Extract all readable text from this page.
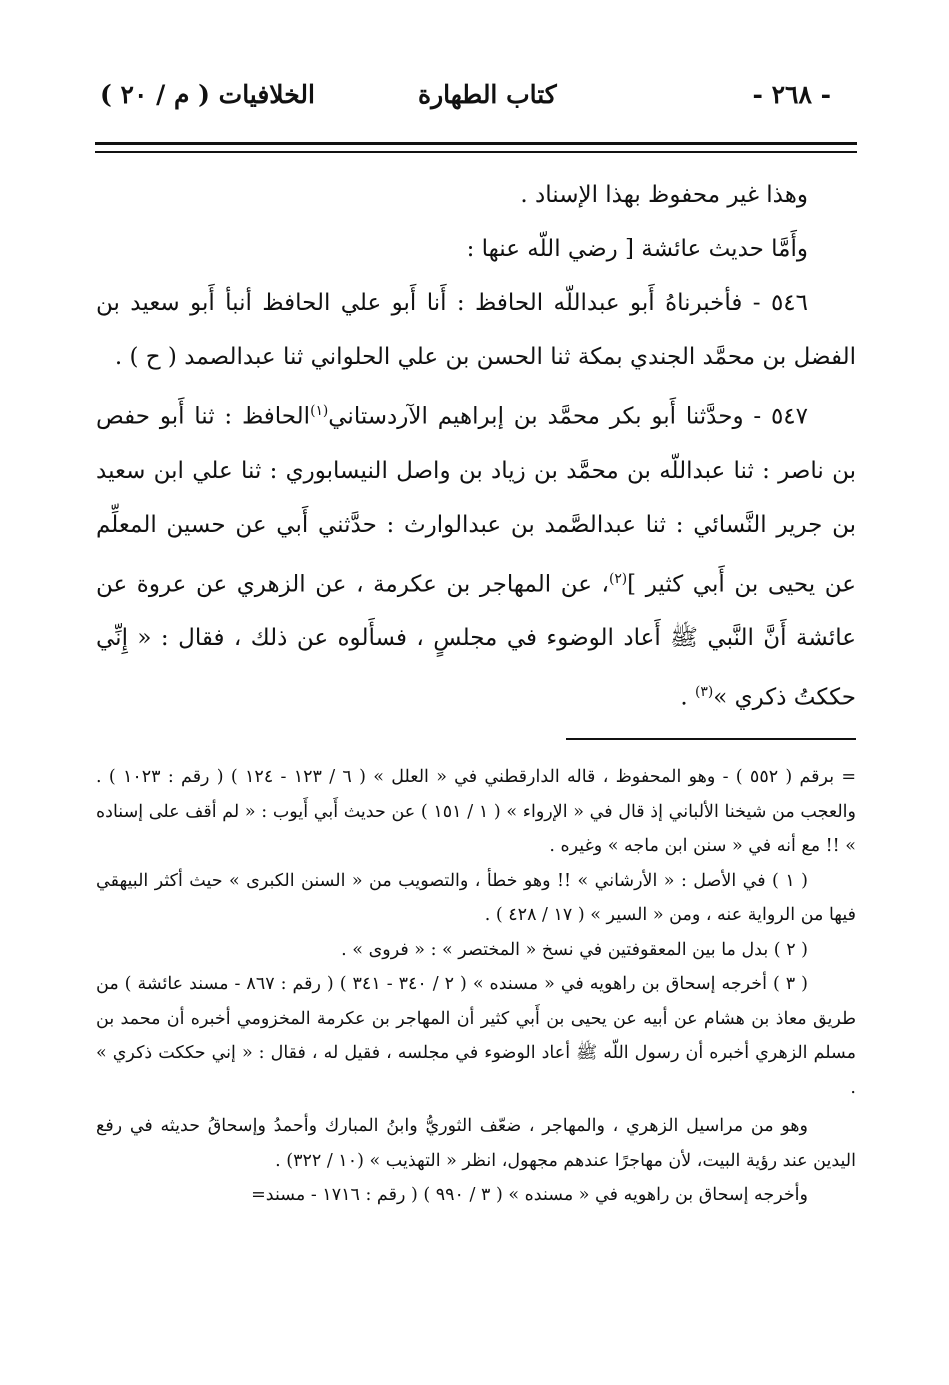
- ٢٦٨ -
كتاب الطهارة
الخلافيات ( م / ٢٠ )

وهذا غير محفوظ بهذا الإسناد .

وأَمَّا حديث عائشة [ رضي اللّه عنها :

٥٤٦ - فأخبرناهُ أَبو عبداللّه الحافظ : أَنا أَبو علي الحافظ أنبأ أَبو سعيد بن الفضل بن محمَّد الجندي بمكة ثنا الحسن بن علي الحلواني ثنا عبدالصمد ( ح ) .

٥٤٧ - وحدَّثنا أَبو بكر محمَّد بن إبراهيم الآردستاني$^{(١)}$الحافظ : ثنا أَبو حفص بن ناصر : ثنا عبداللّه بن محمَّد بن زياد بن واصل النيسابوري : ثنا علي ابن سعيد بن جرير النَّسائي : ثنا عبدالصَّمد بن عبدالوارث : حدَّثني أَبي عن حسين المعلِّم عن يحيى بن أَبي كثير ]$^{(٢)}$، عن المهاجر بن عكرمة ، عن الزهري عن عروة عن عائشة أَنَّ النَّبي ﷺ أَعاد الوضوء في مجلسٍ ، فسأَلوه عن ذلك ، فقال : « إِنِّي حككتُ ذكري »$^{(٣)}$ .

= برقم ( ٥٥٢ ) - وهو المحفوظ ، قاله الدارقطني في « العلل » ( ٦ / ١٢٣ - ١٢٤ ) ( رقم : ١٠٢٣ ) . والعجب من شيخنا الألباني إذ قال في « الإرواء » ( ١ / ١٥١ ) عن حديث أَبي أَيوب : « لم أقف على إسناده » !! مع أنه في « سنن ابن ماجه » وغيره .

( ١ ) في الأصل : « الأرشاني » !! وهو خطأ ، والتصويب من « السنن الكبرى » حيث أكثر البيهقي فيها من الرواية عنه ، ومن « السير » ( ١٧ / ٤٢٨ ) .

( ٢ ) بدل ما بين المعقوفتين في نسخ « المختصر » : « فروى » .

( ٣ ) أخرجه إسحاق بن راهويه في « مسنده » ( ٢ / ٣٤٠ - ٣٤١ ) ( رقم : ٨٦٧ - مسند عائشة ) من طريق معاذ بن هشام عن أبيه عن يحيى بن أَبي كثير أن المهاجر بن عكرمة المخزومي أخبره أن محمد بن مسلم الزهري أخبره أن رسول اللّه ﷺ أعاد الوضوء في مجلسه ، فقيل له ، فقال : « إني حككت ذكري » .

وهو من مراسيل الزهري ، والمهاجر ، ضعّف الثوريُّ وابنُ المبارك وأحمدُ وإسحاقُ حديثه في رفع اليدين عند رؤية البيت، لأن مهاجرًا عندهم مجهول، انظر « التهذيب » (١٠ / ٣٢٢) .

وأخرجه إسحاق بن راهويه في « مسنده » ( ٣ / ٩٩٠ ) ( رقم : ١٧١٦ - مسند=
